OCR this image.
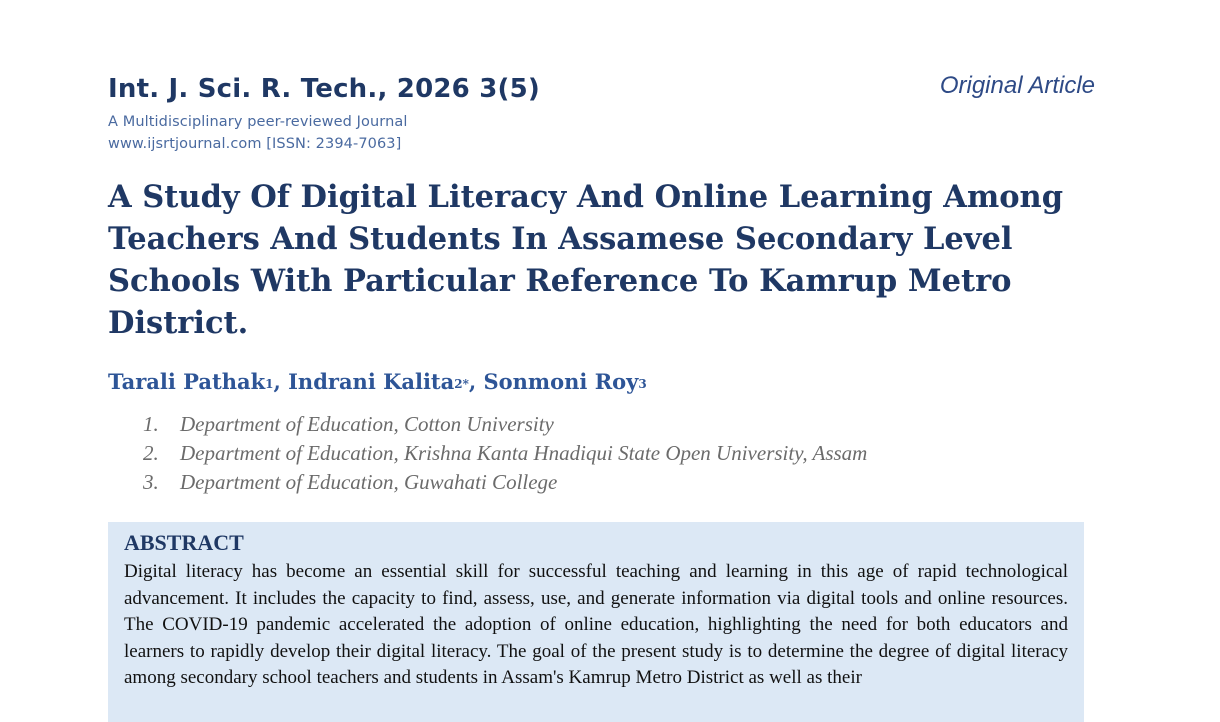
Int. J. Sci. R. Tech., 2026 3(5)	Original Article
A Multidisciplinary peer-reviewed Journal
www.ijsrtjournal.com [ISSN: 2394-7063]
A Study Of Digital Literacy And Online Learning Among Teachers And Students In Assamese Secondary Level Schools With Particular Reference To Kamrup Metro District.
Tarali Pathak$^1$, Indrani Kalita$^{2*}$, Sonmoni Roy$^3$
1. Department of Education, Cotton University
2. Department of Education, Krishna Kanta Hnadiqui State Open University, Assam
3. Department of Education, Guwahati College
ABSTRACT

Digital literacy has become an essential skill for successful teaching and learning in this age of rapid technological advancement. It includes the capacity to find, assess, use, and generate information via digital tools and online resources. The COVID-19 pandemic accelerated the adoption of online education, highlighting the need for both educators and learners to rapidly develop their digital literacy. The goal of the present study is to determine the degree of digital literacy among secondary school teachers and students in Assam's Kamrup Metro District as well as their
